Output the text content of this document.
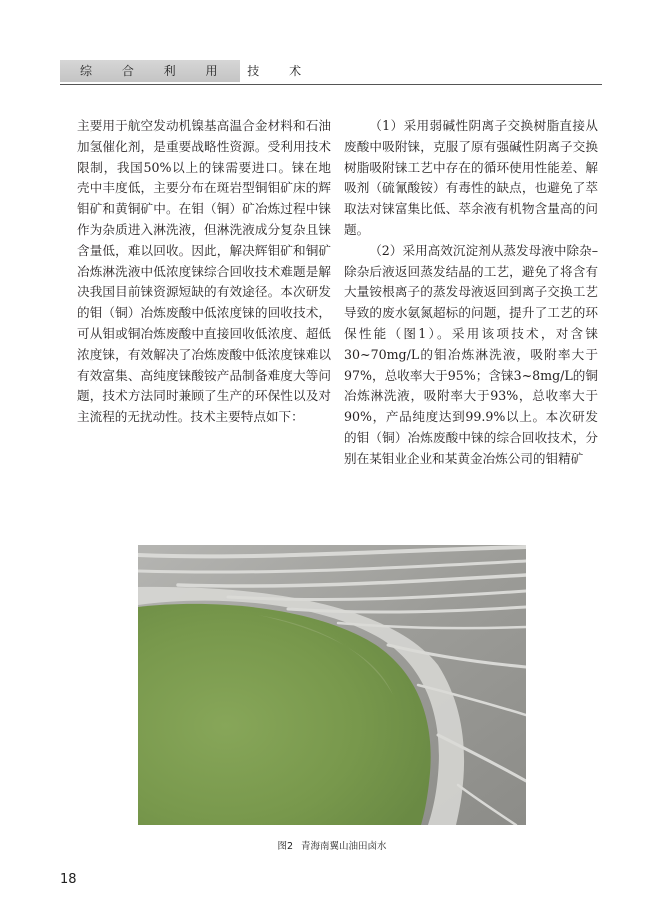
综 合 利 用 技 术

主要用于航空发动机镍基高温合金材料和石油加氢催化剂，是重要战略性资源。受利用技术限制，我国50%以上的铼需要进口。铼在地壳中丰度低，主要分布在斑岩型铜钼矿床的辉钼矿和黄铜矿中。在钼（铜）矿冶炼过程中铼作为杂质进入淋洗液，但淋洗液成分复杂且铼含量低，难以回收。因此，解决辉钼矿和铜矿冶炼淋洗液中低浓度铼综合回收技术难题是解决我国目前铼资源短缺的有效途径。本次研发的钼（铜）冶炼废酸中低浓度铼的回收技术，可从钼或铜冶炼废酸中直接回收低浓度、超低浓度铼，有效解决了冶炼废酸中低浓度铼难以有效富集、高纯度铼酸铵产品制备难度大等问题，技术方法同时兼顾了生产的环保性以及对主流程的无扰动性。技术主要特点如下：

（1）采用弱碱性阴离子交换树脂直接从废酸中吸附铼，克服了原有强碱性阴离子交换树脂吸附铼工艺中存在的循环使用性能差、解吸剂（硫氰酸铵）有毒性的缺点，也避免了萃取法对铼富集比低、萃余液有机物含量高的问题。

（2）采用高效沉淀剂从蒸发母液中除杂–除杂后液返回蒸发结晶的工艺，避免了将含有大量铵根离子的蒸发母液返回到离子交换工艺导致的废水氨氮超标的问题，提升了工艺的环保性能（图1）。采用该项技术，对含铼30~70mg/L的钼冶炼淋洗液，吸附率大于97%，总收率大于95%；含铼3~8mg/L的铜冶炼淋洗液，吸附率大于93%，总收率大于90%，产品纯度达到99.9%以上。本次研发的钼（铜）冶炼废酸中铼的综合回收技术，分别在某钼业企业和某黄金冶炼公司的钼精矿

图2 青海南翼山油田卤水
18
